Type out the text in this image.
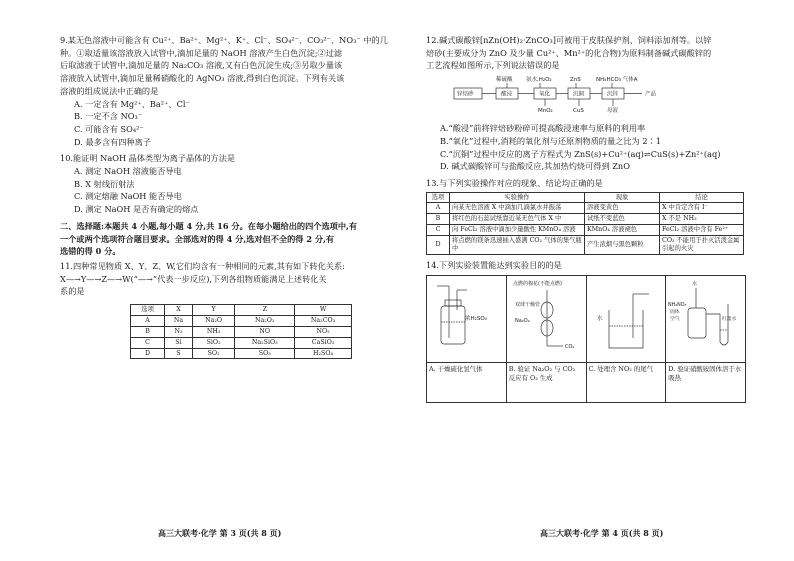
9.某无色溶液中可能含有 Cu²⁺、Ba²⁺、Mg²⁺、K⁺、Cl⁻、SO₄²⁻、CO₃²⁻、NO₃⁻ 中的几

种。①取适量该溶液放入试管中,滴加足量的 NaOH 溶液产生白色沉淀;②过滤

后取滤液于试管中,滴加足量的 Na₂CO₃ 溶液,又有白色沉淀生成;③另取少量该

溶液放入试管中,滴加足量稀硝酸化的 AgNO₃ 溶液,得到白色沉淀。下列有关该

溶液的组成说法中正确的是

A. 一定含有 Mg²⁺、Ba²⁺、Cl⁻

B. 一定不含 NO₃⁻

C. 可能含有 SO₄²⁻

D. 最多含有四种离子

10.能证明 NaOH 晶体类型为离子晶体的方法是

A. 测定 NaOH 溶液能否导电

B. X 射线衍射法

C. 测定熔融 NaOH 能否导电

D. 测定 NaOH 是否有确定的熔点

二、选择题:本题共 4 小题,每小题 4 分,共 16 分。在每小题给出的四个选项中,有

一个或两个选项符合题目要求。全部选对的得 4 分,选对但不全的得 2 分,有

选错的得 0 分。

11.四种常见物质 X、Y、Z、W,它们均含有一种相同的元素,其有如下转化关系:

X—→Y—→Z—→W(“—→”代表一步反应),下列各组物质能满足上述转化关

系的是

选项	X	Y	Z	W
A	Na	Na₂O	Na₂O₂	Na₂CO₃
B	N₂	NH₃	NO	NO₂
C	Si	SiO₂	Na₂SiO₃	CaSiO₃
D	S	SO₂	SO₃	H₂SO₄
高三大联考·化学 第 3 页(共 8 页)

12.碱式碳酸锌[nZn(OH)₂·ZnCO₃]可被用于皮肤保护剂、饲料添加剂等。以锌

焙砂(主要成分为 ZnO 及少量 Cu²⁺、Mn²⁺的化合物)为原料制备碱式碳酸锌的

工艺流程如图所示,下列说法错误的是

稀硫酸 氨水,H₂O₂	ZnS	NH₄HCO₃ 气体A
锌焙砂	酸浸	氧化	沉铜	沉锌	产品
MnO₂	CuS	母液

A.“酸浸”前将锌焙砂粉碎可提高酸浸速率与原料的利用率

B.“氧化”过程中,消耗的氧化剂与还原剂物质的量之比为 2∶1

C.“沉铜”过程中反应的离子方程式为 ZnS(s)+Cu²⁺(aq)⇌CuS(s)+Zn²⁺(aq)

D. 碱式碳酸锌可与盐酸反应,其加热灼烧可得到 ZnO

13.与下列实验操作对应的现象、结论均正确的是

选项	实验操作	现象	结论
A	向某无色溶液 X 中滴加几滴氯水并振荡	溶液变黄色	X 中肯定含有 I⁻
B	将红色的石蕊试纸靠近某无色气体 X 中	试纸不变蓝色	X 不是 NH₃
C	向 FeCl₂ 溶液中滴加少量酸性 KMnO₄ 溶液	KMnO₄ 溶液褪色	FeCl₂ 溶液中含有 Fe²⁺
D	将点燃的镁条迅速插入盛满 CO₂ 气体的集气瓶中	产生浓烟与黑色颗粒	CO₂ 不能用于扑灭活泼金属引起的火灾

14.下列实验装置能达到实验目的的是

浓H₂SO₄
A. 干燥硫化氢气体
点燃的棉花(不能点燃)
双球干燥管
Na₂O₂
CO₂
B. 验证 Na₂O₂ 与 CO₂ 反应有 O₂ 生成
水
C. 处理含 NO₂ 的尾气
水
NH₄NO₃
固体
空气	红墨水
D. 验证硝酸铵固体溶于水吸热
高三大联考·化学 第 4 页(共 8 页)
